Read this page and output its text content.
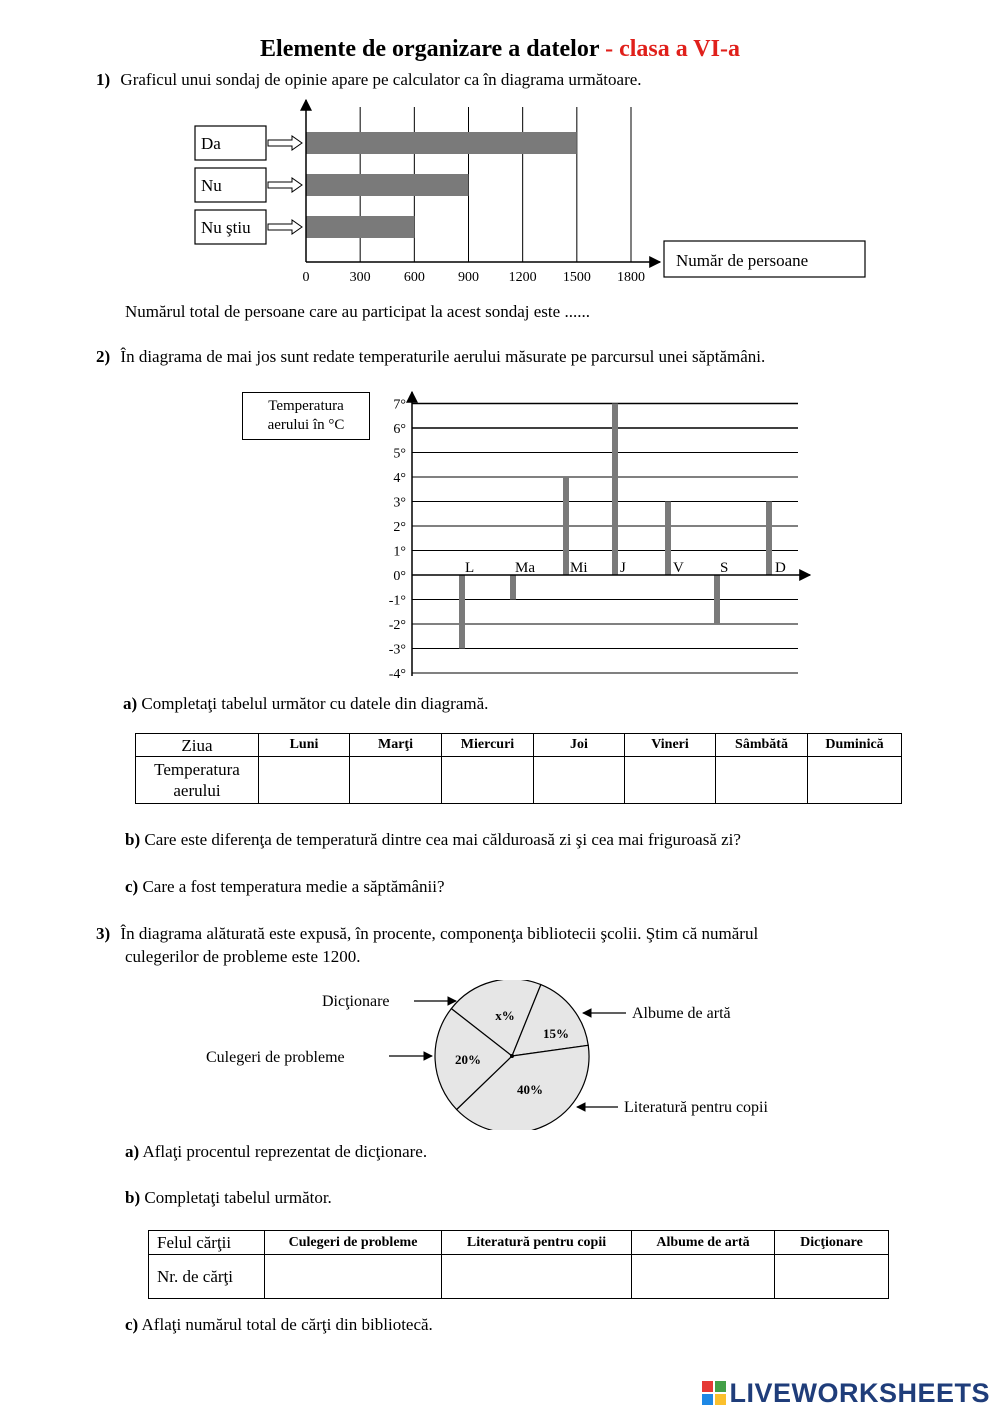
Elemente de organizare a datelor - clasa a VI-a
1) Graficul unui sondaj de opinie apare pe calculator ca în diagrama următoare.
Da
Nu
Nu ştiu
0	300 600 900 1200 1500 1800
Număr de persoane
Numărul total de persoane care au participat la acest sondaj este ......
2) În diagrama de mai jos sunt redate temperaturile aerului măsurate pe parcursul unei săptămâni.
Temperatura aerului în °C
7°
6°
5°
4°
3°
2°
1°
0°
-1°
-2°
-3°
-4°
L	Ma Mi J	V S	D
a) Completaţi tabelul următor cu datele din diagramă.
Ziua	Luni	Marţi	Miercuri	Joi	Vineri	Sâmbătă	Duminică
Temperatura
aerului							
b) Care este diferenţa de temperatură dintre cea mai călduroasă zi şi cea mai friguroasă zi?
c) Care a fost temperatura medie a săptămânii?
3) În diagrama alăturată este expusă, în procente, componenţa bibliotecii şcolii. Ştim că numărul
culegerilor de probleme este 1200.
x%
15%
40%
20%
Dicţionare
Albume de artă
Literatură pentru copii
Culegeri de probleme
a) Aflaţi procentul reprezentat de dicţionare.
b) Completaţi tabelul următor.
Felul cărţii	Culegeri de probleme	Literatură pentru copii	Albume de artă	Dicţionare
Nr. de cărţi				
c) Aflaţi numărul total de cărţi din bibliotecă.
LIVEWORKSHEETS
